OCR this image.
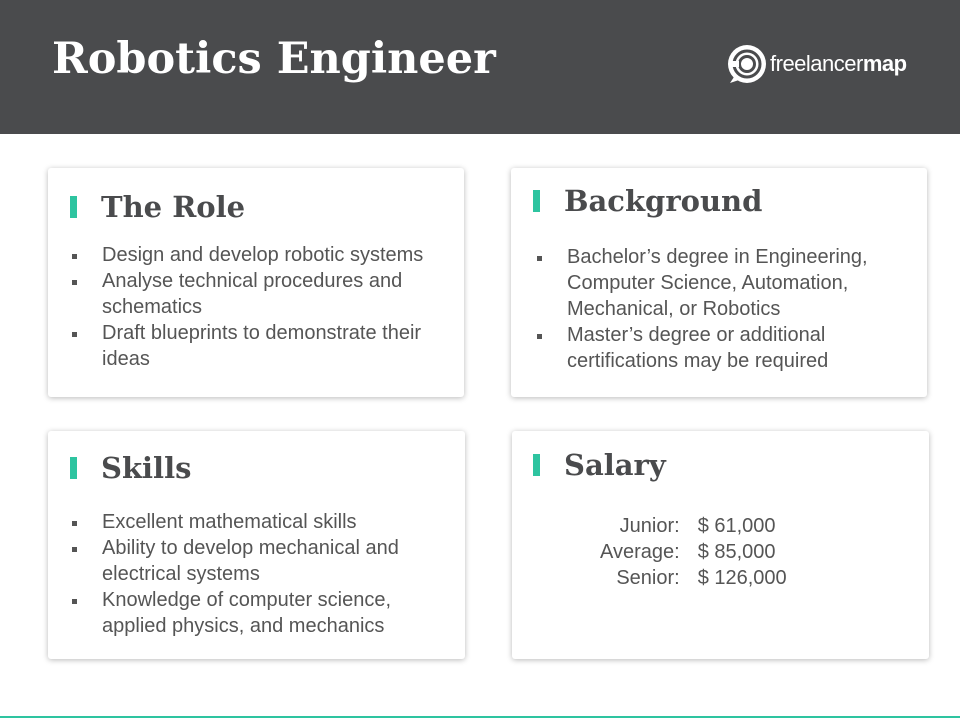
Robotics Engineer	freelancermap
The Role
Design and develop robotic systems
Analyse technical procedures and schematics
Draft blueprints to demonstrate their ideas
Background
Bachelor’s degree in Engineering, Computer Science, Automation, Mechanical, or Robotics
Master’s degree or additional certifications may be required
Skills
Excellent mathematical skills
Ability to develop mechanical and electrical systems
Knowledge of computer science, applied physics, and mechanics
Salary
Junior:	$ 61,000
Average:	$ 85,000
Senior:	$ 126,000
